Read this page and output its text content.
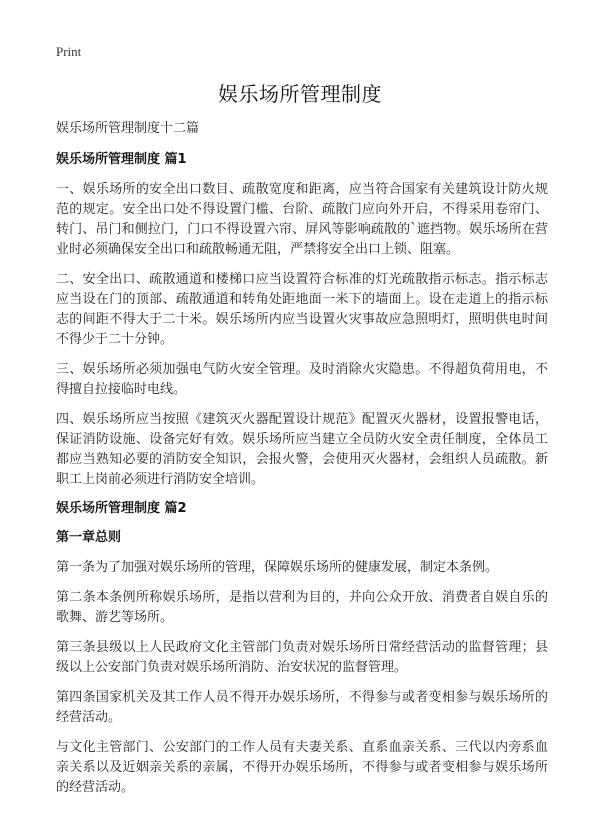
Print
娱乐场所管理制度

娱乐场所管理制度十二篇

娱乐场所管理制度 篇1

一、娱乐场所的安全出口数目、疏散宽度和距离，应当符合国家有关建筑设计防火规范的规定。安全出口处不得设置门槛、台阶、疏散门应向外开启，不得采用卷帘门、转门、吊门和侧拉门，门口不得设置六帘、屏风等影响疏散的`遮挡物。娱乐场所在营业时必须确保安全出口和疏散畅通无阻，严禁将安全出口上锁、阻塞。

二、安全出口、疏散通道和楼梯口应当设置符合标准的灯光疏散指示标志。指示标志应当设在门的顶部、疏散通道和转角处距地面一米下的墙面上。设在走道上的指示标志的间距不得大于二十米。娱乐场所内应当设置火灾事故应急照明灯，照明供电时间不得少于二十分钟。

三、娱乐场所必须加强电气防火安全管理。及时消除火灾隐患。不得超负荷用电，不得擅自拉接临时电线。

四、娱乐场所应当按照《建筑灭火器配置设计规范》配置灭火器材，设置报警电话，保证消防设施、设备完好有效。娱乐场所应当建立全员防火安全责任制度，全体员工都应当熟知必要的消防安全知识，会报火警，会使用灭火器材，会组织人员疏散。新职工上岗前必须进行消防安全培训。

娱乐场所管理制度 篇2

第一章总则

第一条为了加强对娱乐场所的管理，保障娱乐场所的健康发展，制定本条例。

第二条本条例所称娱乐场所，是指以营利为目的，并向公众开放、消费者自娱自乐的歌舞、游艺等场所。

第三条县级以上人民政府文化主管部门负责对娱乐场所日常经营活动的监督管理；县级以上公安部门负责对娱乐场所消防、治安状况的监督管理。

第四条国家机关及其工作人员不得开办娱乐场所，不得参与或者变相参与娱乐场所的经营活动。

与文化主管部门、公安部门的工作人员有夫妻关系、直系血亲关系、三代以内旁系血亲关系以及近姻亲关系的亲属，不得开办娱乐场所，不得参与或者变相参与娱乐场所的经营活动。
